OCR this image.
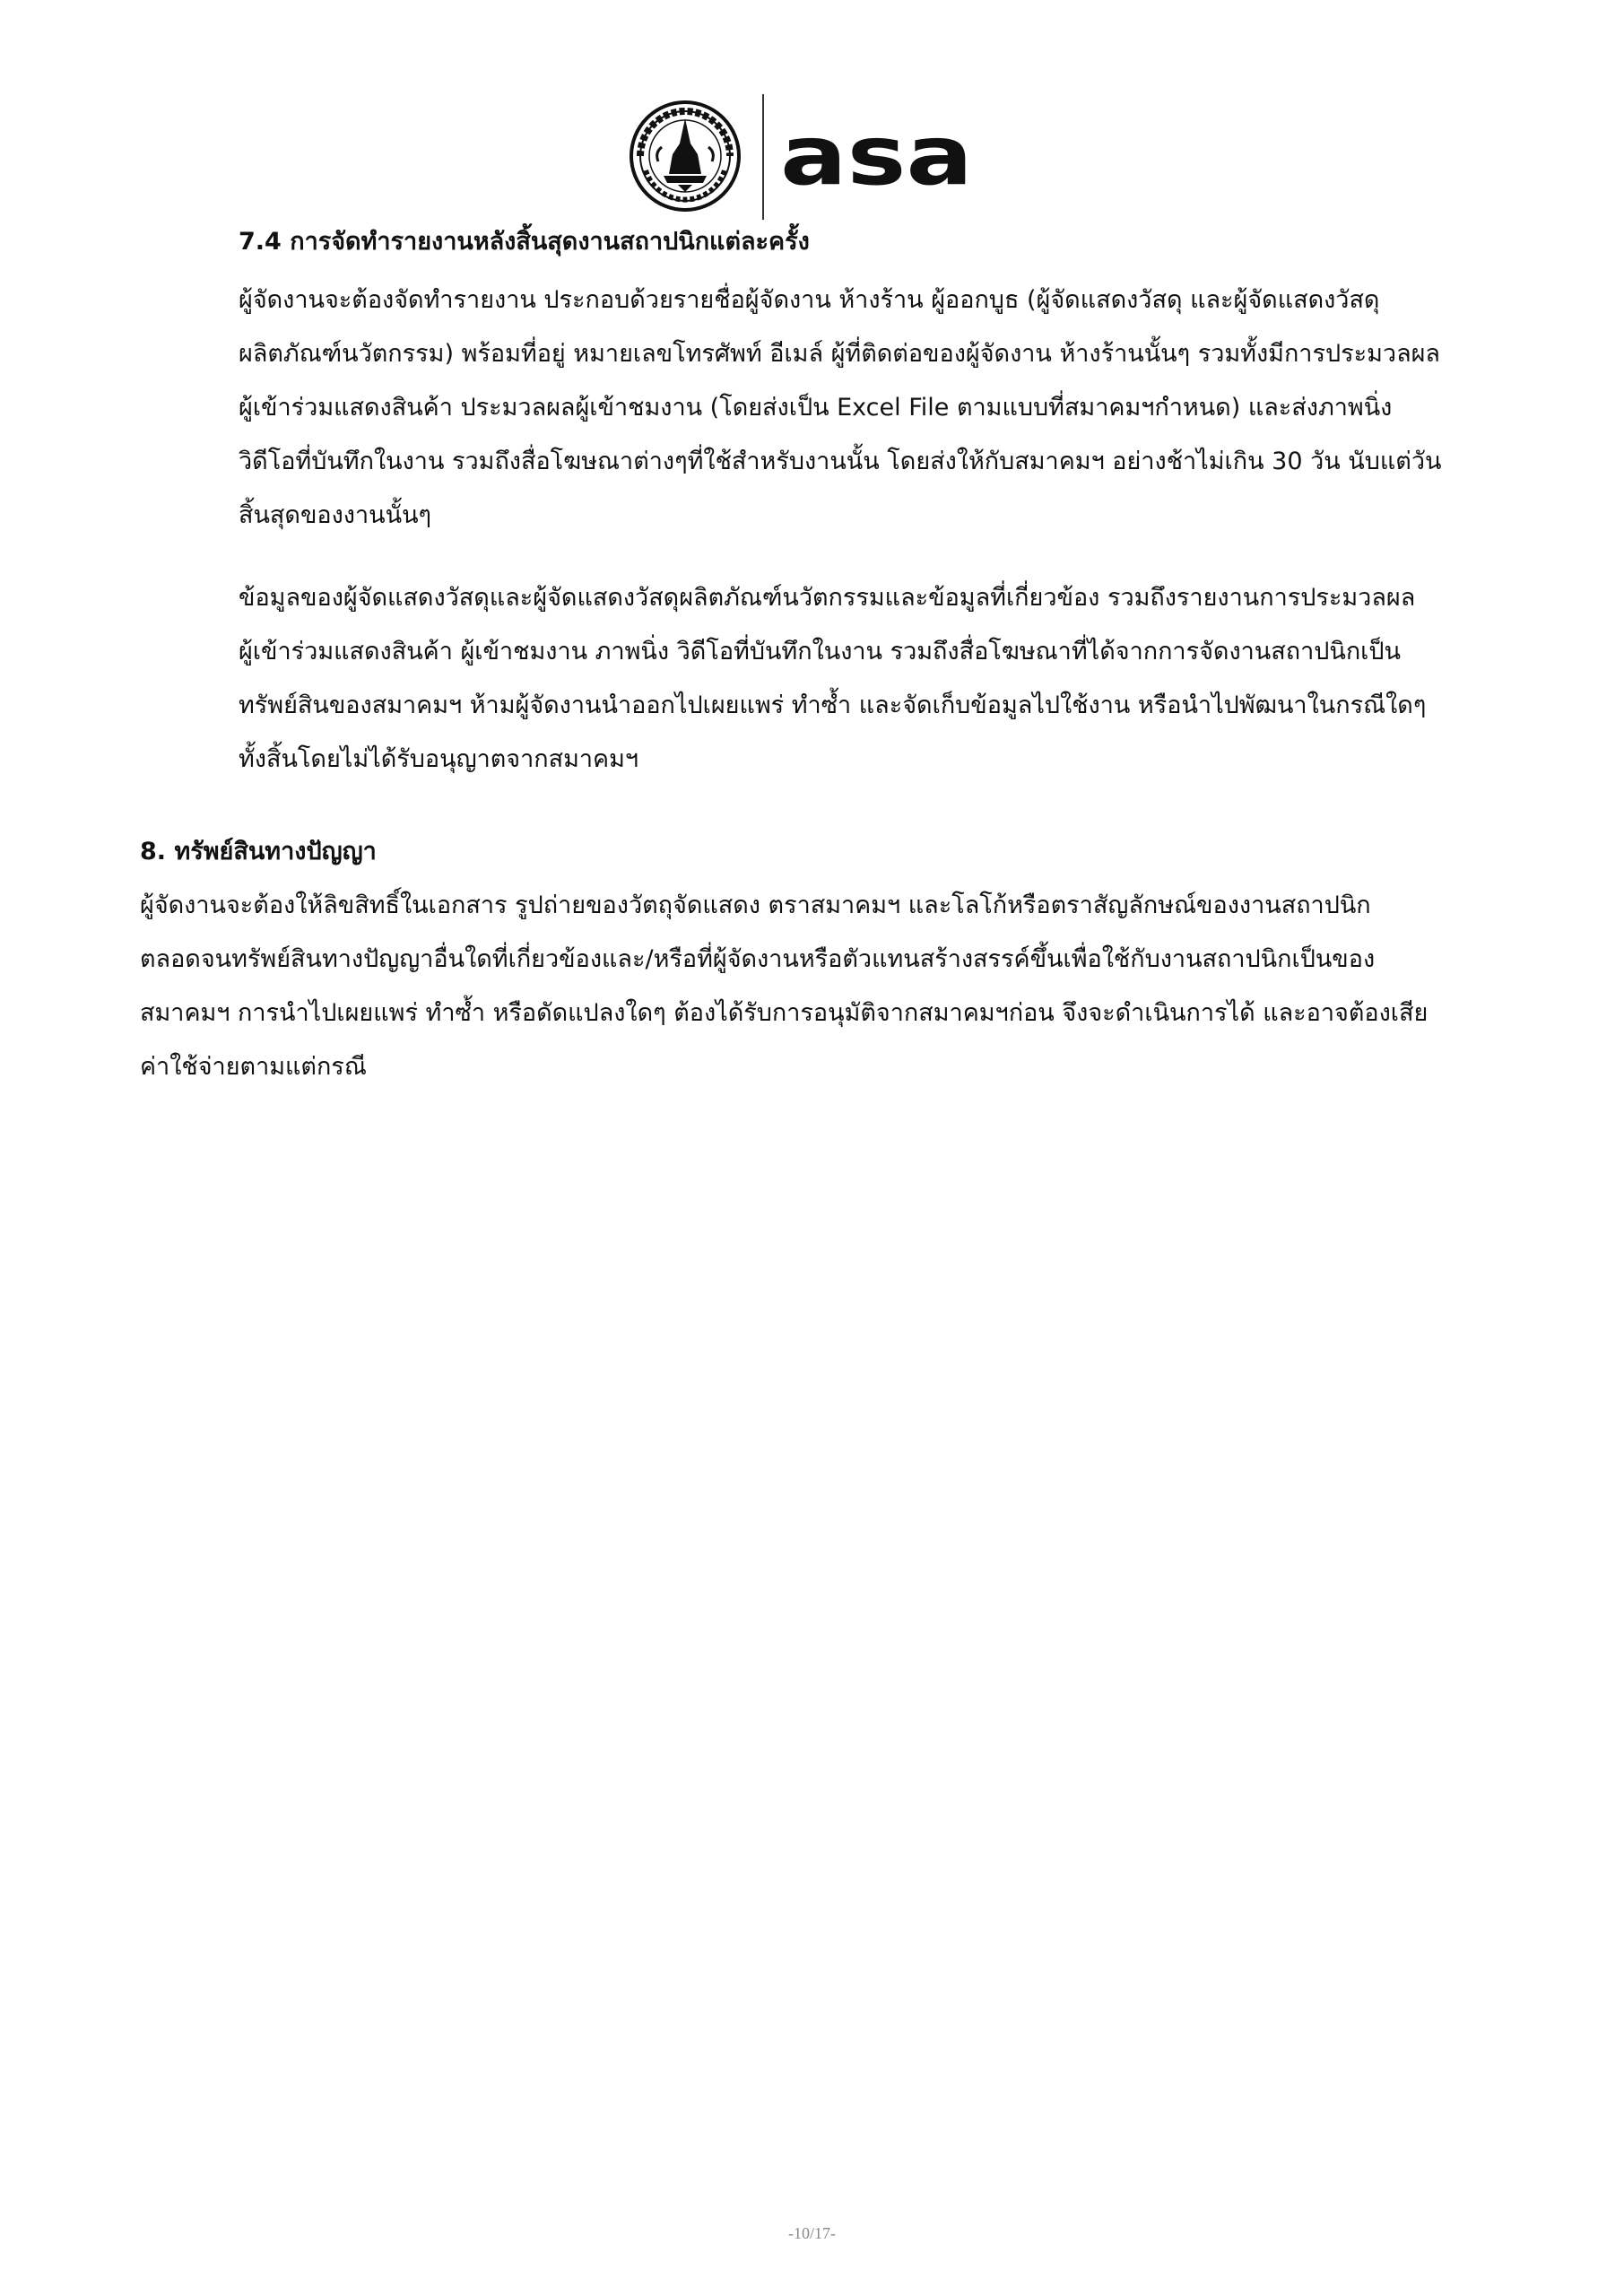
asa
7.4 การจัดทำรายงานหลังสิ้นสุดงานสถาปนิกแต่ละครั้ง

ผู้จัดงานจะต้องจัดทำรายงาน ประกอบด้วยรายชื่อผู้จัดงาน ห้างร้าน ผู้ออกบูธ (ผู้จัดแสดงวัสดุ และผู้จัดแสดงวัสดุ

ผลิตภัณฑ์นวัตกรรม) พร้อมที่อยู่ หมายเลขโทรศัพท์ อีเมล์ ผู้ที่ติดต่อของผู้จัดงาน ห้างร้านนั้นๆ รวมทั้งมีการประมวลผล

ผู้เข้าร่วมแสดงสินค้า ประมวลผลผู้เข้าชมงาน (โดยส่งเป็น Excel File ตามแบบที่สมาคมฯกำหนด) และส่งภาพนิ่ง

วิดีโอที่บันทึกในงาน รวมถึงสื่อโฆษณาต่างๆที่ใช้สำหรับงานนั้น โดยส่งให้กับสมาคมฯ อย่างช้าไม่เกิน 30 วัน นับแต่วัน

สิ้นสุดของงานนั้นๆ

ข้อมูลของผู้จัดแสดงวัสดุและผู้จัดแสดงวัสดุผลิตภัณฑ์นวัตกรรมและข้อมูลที่เกี่ยวข้อง รวมถึงรายงานการประมวลผล

ผู้เข้าร่วมแสดงสินค้า ผู้เข้าชมงาน ภาพนิ่ง วิดีโอที่บันทึกในงาน รวมถึงสื่อโฆษณาที่ได้จากการจัดงานสถาปนิกเป็น

ทรัพย์สินของสมาคมฯ ห้ามผู้จัดงานนำออกไปเผยแพร่ ทำซ้ำ และจัดเก็บข้อมูลไปใช้งาน หรือนำไปพัฒนาในกรณีใดๆ

ทั้งสิ้นโดยไม่ได้รับอนุญาตจากสมาคมฯ

8. ทรัพย์สินทางปัญญา

ผู้จัดงานจะต้องให้ลิขสิทธิ์ในเอกสาร รูปถ่ายของวัตถุจัดแสดง ตราสมาคมฯ และโลโก้หรือตราสัญลักษณ์ของงานสถาปนิก

ตลอดจนทรัพย์สินทางปัญญาอื่นใดที่เกี่ยวข้องและ/หรือที่ผู้จัดงานหรือตัวแทนสร้างสรรค์ขึ้นเพื่อใช้กับงานสถาปนิกเป็นของ

สมาคมฯ การนำไปเผยแพร่ ทำซ้ำ หรือดัดแปลงใดๆ ต้องได้รับการอนุมัติจากสมาคมฯก่อน จึงจะดำเนินการได้ และอาจต้องเสีย

ค่าใช้จ่ายตามแต่กรณี

-10/17-
